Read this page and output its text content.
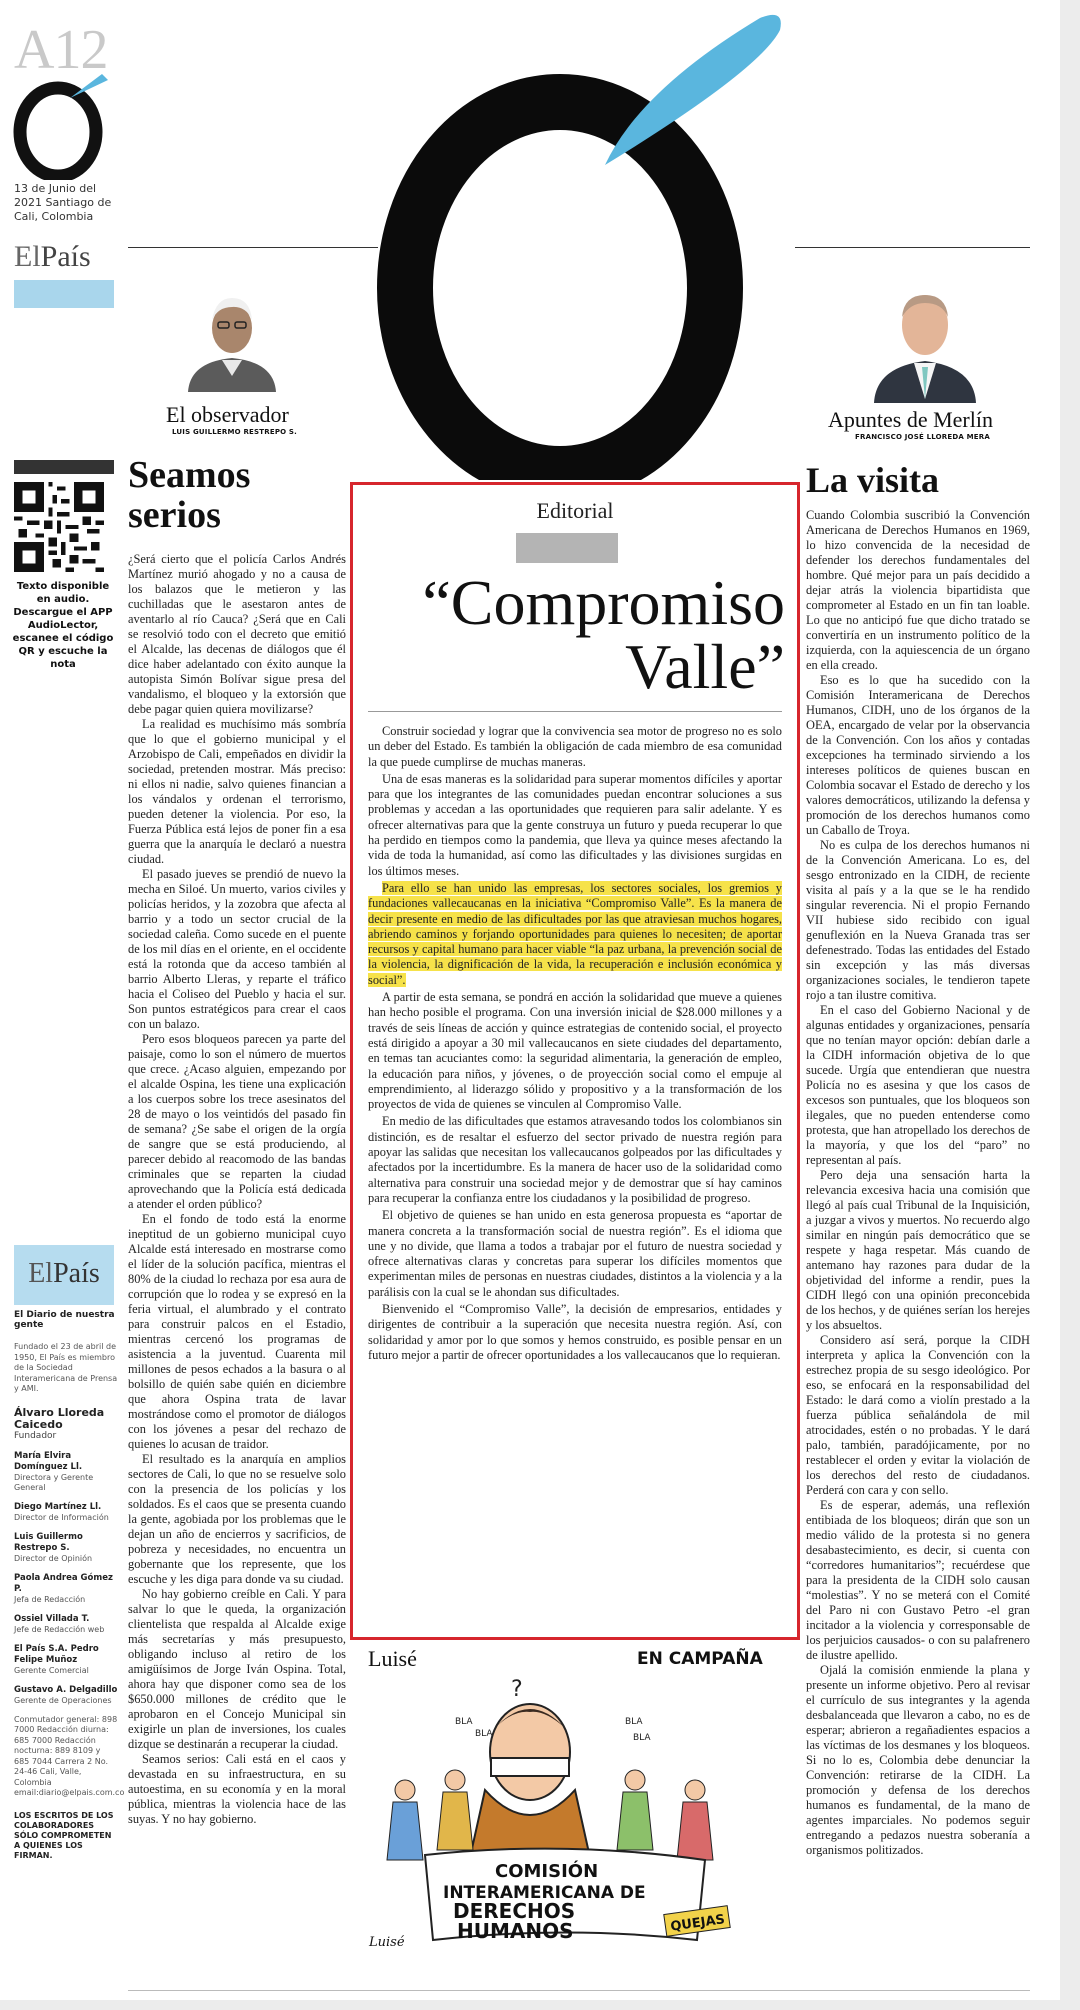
A12
13 de Junio del 2021 Santiago de Cali, Colombia
ElPaís
El observador
LUIS GUILLERMO RESTREPO S.	Apuntes de Merlín
FRANCISCO JOSÉ LLOREDA MERA
Texto disponible en audio. Descargue el APP AudioLector, escanee el código QR y escuche la nota
Seamos serios

¿Será cierto que el policía Carlos Andrés Martínez murió ahogado y no a causa de los balazos que le metieron y las cuchilladas que le asestaron antes de aventarlo al río Cauca? ¿Será que en Cali se resolvió todo con el decreto que emitió el Alcalde, las decenas de diálogos que él dice haber adelantado con éxito aunque la autopista Simón Bolívar sigue presa del vandalismo, el bloqueo y la extorsión que debe pagar quien quiera movilizarse?

La realidad es muchísimo más sombría que lo que el gobierno municipal y el Arzobispo de Cali, empeñados en dividir la sociedad, pretenden mostrar. Más preciso: ni ellos ni nadie, salvo quienes financian a los vándalos y ordenan el terrorismo, pueden detener la violencia. Por eso, la Fuerza Pública está lejos de poner fin a esa guerra que la anarquía le declaró a nuestra ciudad.

El pasado jueves se prendió de nuevo la mecha en Siloé. Un muerto, varios civiles y policías heridos, y la zozobra que afecta al barrio y a todo un sector crucial de la sociedad caleña. Como sucede en el puente de los mil días en el oriente, en el occidente está la rotonda que da acceso también al barrio Alberto Lleras, y reparte el tráfico hacia el Coliseo del Pueblo y hacia el sur. Son puntos estratégicos para crear el caos con un balazo.

Pero esos bloqueos parecen ya parte del paisaje, como lo son el número de muertos que crece. ¿Acaso alguien, empezando por el alcalde Ospina, les tiene una explicación a los cuerpos sobre los trece asesinatos del 28 de mayo o los veintidós del pasado fin de semana? ¿Se sabe el origen de la orgía de sangre que se está produciendo, al parecer debido al reacomodo de las bandas criminales que se reparten la ciudad aprovechando que la Policía está dedicada a atender el orden público?

En el fondo de todo está la enorme ineptitud de un gobierno municipal cuyo Alcalde está interesado en mostrarse como el líder de la solución pacífica, mientras el 80% de la ciudad lo rechaza por esa aura de corrupción que lo rodea y se expresó en la feria virtual, el alumbrado y el contrato para construir palcos en el Estadio, mientras cercenó los programas de asistencia a la juventud. Cuarenta mil millones de pesos echados a la basura o al bolsillo de quién sabe quién en diciembre que ahora Ospina trata de lavar mostrándose como el promotor de diálogos con los jóvenes a pesar del rechazo de quienes lo acusan de traidor.

El resultado es la anarquía en amplios sectores de Cali, lo que no se resuelve solo con la presencia de los policías y los soldados. Es el caos que se presenta cuando la gente, agobiada por los problemas que le dejan un año de encierros y sacrificios, de pobreza y necesidades, no encuentra un gobernante que los represente, que los escuche y les diga para donde va su ciudad.

No hay gobierno creíble en Cali. Y para salvar lo que le queda, la organización clientelista que respalda al Alcalde exige más secretarías y más presupuesto, obligando incluso al retiro de los amigüísimos de Jorge Iván Ospina. Total, ahora hay que disponer como sea de los $650.000 millones de crédito que le aprobaron en el Concejo Municipal sin exigirle un plan de inversiones, los cuales dizque se destinarán a recuperar la ciudad.

Seamos serios: Cali está en el caos y devastada en su infraestructura, en su autoestima, en su economía y en la moral pública, mientras la violencia hace de las suyas. Y no hay gobierno.

ElPaís
El Diario de nuestra gente
Fundado el 23 de abril de 1950, El País es miembro de la Sociedad Interamericana de Prensa y AMI.
Álvaro Lloreda Caicedo
Fundador
María Elvira Domínguez Ll.
Directora y Gerente General
Diego Martínez Ll.
Director de Información
Luis Guillermo Restrepo S.
Director de Opinión
Paola Andrea Gómez P.
Jefa de Redacción
Ossiel Villada T.
Jefe de Redacción web
El País S.A. Pedro Felipe Muñoz
Gerente Comercial
Gustavo A. Delgadillo
Gerente de Operaciones
Conmutador general: 898 7000 Redacción diurna: 685 7000 Redacción nocturna: 889 8109 y 685 7044 Carrera 2 No. 24-46 Cali, Valle, Colombia email:diario@elpais.com.co
LOS ESCRITOS DE LOS COLABORADORES SÓLO COMPROMETEN A QUIENES LOS FIRMAN.
Editorial
“Compromiso
Valle”

Construir sociedad y lograr que la convivencia sea motor de progreso no es solo un deber del Estado. Es también la obligación de cada miembro de esa comunidad la que puede cumplirse de muchas maneras.

Una de esas maneras es la solidaridad para superar momentos difíciles y aportar para que los integrantes de las comunidades puedan encontrar soluciones a sus problemas y accedan a las oportunidades que requieren para salir adelante. Y es ofrecer alternativas para que la gente construya un futuro y pueda recuperar lo que ha perdido en tiempos como la pandemia, que lleva ya quince meses afectando la vida de toda la humanidad, así como las dificultades y las divisiones surgidas en los últimos meses.

Para ello se han unido las empresas, los sectores sociales, los gremios y fundaciones vallecaucanas en la iniciativa “Compromiso Valle”. Es la manera de decir presente en medio de las dificultades por las que atraviesan muchos hogares, abriendo caminos y forjando oportunidades para quienes lo necesiten; de aportar recursos y capital humano para hacer viable “la paz urbana, la prevención social de la violencia, la dignificación de la vida, la recuperación e inclusión económica y social”.

A partir de esta semana, se pondrá en acción la solidaridad que mueve a quienes han hecho posible el programa. Con una inversión inicial de $28.000 millones y a través de seis líneas de acción y quince estrategias de contenido social, el proyecto está dirigido a apoyar a 30 mil vallecaucanos en siete ciudades del departamento, en temas tan acuciantes como: la seguridad alimentaria, la generación de empleo, la educación para niños, y jóvenes, o de proyección social como el empuje al emprendimiento, al liderazgo sólido y propositivo y a la transformación de los proyectos de vida de quienes se vinculen al Compromiso Valle.

En medio de las dificultades que estamos atravesando todos los colombianos sin distinción, es de resaltar el esfuerzo del sector privado de nuestra región para apoyar las salidas que necesitan los vallecaucanos golpeados por las dificultades y afectados por la incertidumbre. Es la manera de hacer uso de la solidaridad como alternativa para construir una sociedad mejor y de demostrar que sí hay caminos para recuperar la confianza entre los ciudadanos y la posibilidad de progreso.

El objetivo de quienes se han unido en esta generosa propuesta es “aportar de manera concreta a la transformación social de nuestra región”. Es el idioma que une y no divide, que llama a todos a trabajar por el futuro de nuestra sociedad y ofrece alternativas claras y concretas para superar los difíciles momentos que experimentan miles de personas en nuestras ciudades, distintos a la violencia y a la parálisis con la cual se le ahondan sus dificultades.

Bienvenido el “Compromiso Valle”, la decisión de empresarios, entidades y dirigentes de contribuir a la superación que necesita nuestra región. Así, con solidaridad y amor por lo que somos y hemos construido, es posible pensar en un futuro mejor a partir de ofrecer oportunidades a los vallecaucanos que lo requieran.

Luisé	EN CAMPAÑA
?
BLA
BLA
BLA
BLA
COMISIÓN
INTERAMERICANA DE
DERECHOS
HUMANOS	QUEJAS
Luisé
La visita

Cuando Colombia suscribió la Convención Americana de Derechos Humanos en 1969, lo hizo convencida de la necesidad de defender los derechos fundamentales del hombre. Qué mejor para un país decidido a dejar atrás la violencia bipartidista que comprometer al Estado en un fin tan loable. Lo que no anticipó fue que dicho tratado se convertiría en un instrumento político de la izquierda, con la aquiescencia de un órgano en ella creado.

Eso es lo que ha sucedido con la Comisión Interamericana de Derechos Humanos, CIDH, uno de los órganos de la OEA, encargado de velar por la observancia de la Convención. Con los años y contadas excepciones ha terminado sirviendo a los intereses políticos de quienes buscan en Colombia socavar el Estado de derecho y los valores democráticos, utilizando la defensa y promoción de los derechos humanos como un Caballo de Troya.

No es culpa de los derechos humanos ni de la Convención Americana. Lo es, del sesgo entronizado en la CIDH, de reciente visita al país y a la que se le ha rendido singular reverencia. Ni el propio Fernando VII hubiese sido recibido con igual genuflexión en la Nueva Granada tras ser defenestrado. Todas las entidades del Estado sin excepción y las más diversas organizaciones sociales, le tendieron tapete rojo a tan ilustre comitiva.

En el caso del Gobierno Nacional y de algunas entidades y organizaciones, pensaría que no tenían mayor opción: debían darle a la CIDH información objetiva de lo que sucede. Urgía que entendieran que nuestra Policía no es asesina y que los casos de excesos son puntuales, que los bloqueos son ilegales, que no pueden entenderse como protesta, que han atropellado los derechos de la mayoría, y que los del “paro” no representan al país.

Pero deja una sensación harta la relevancia excesiva hacia una comisión que llegó al país cual Tribunal de la Inquisición, a juzgar a vivos y muertos. No recuerdo algo similar en ningún país democrático que se respete y haga respetar. Más cuando de antemano hay razones para dudar de la objetividad del informe a rendir, pues la CIDH llegó con una opinión preconcebida de los hechos, y de quiénes serían los herejes y los absueltos.

Considero así será, porque la CIDH interpreta y aplica la Convención con la estrechez propia de su sesgo ideológico. Por eso, se enfocará en la responsabilidad del Estado: le dará como a violín prestado a la fuerza pública señalándola de mil atrocidades, estén o no probadas. Y le dará palo, también, paradójicamente, por no restablecer el orden y evitar la violación de los derechos del resto de ciudadanos. Perderá con cara y con sello.

Es de esperar, además, una reflexión entibiada de los bloqueos; dirán que son un medio válido de la protesta si no genera desabastecimiento, es decir, si cuenta con “corredores humanitarios”; recuérdese que para la presidenta de la CIDH solo causan “molestias”. Y no se meterá con el Comité del Paro ni con Gustavo Petro -el gran incitador a la violencia y corresponsable de los perjuicios causados- o con su palafrenero de ilustre apellido.

Ojalá la comisión enmiende la plana y presente un informe objetivo. Pero al revisar el currículo de sus integrantes y la agenda desbalanceada que llevaron a cabo, no es de esperar; abrieron a regañadientes espacios a las víctimas de los desmanes y los bloqueos. Si no lo es, Colombia debe denunciar la Convención: retirarse de la CIDH. La promoción y defensa de los derechos humanos es fundamental, de la mano de agentes imparciales. No podemos seguir entregando a pedazos nuestra soberanía a organismos politizados.
